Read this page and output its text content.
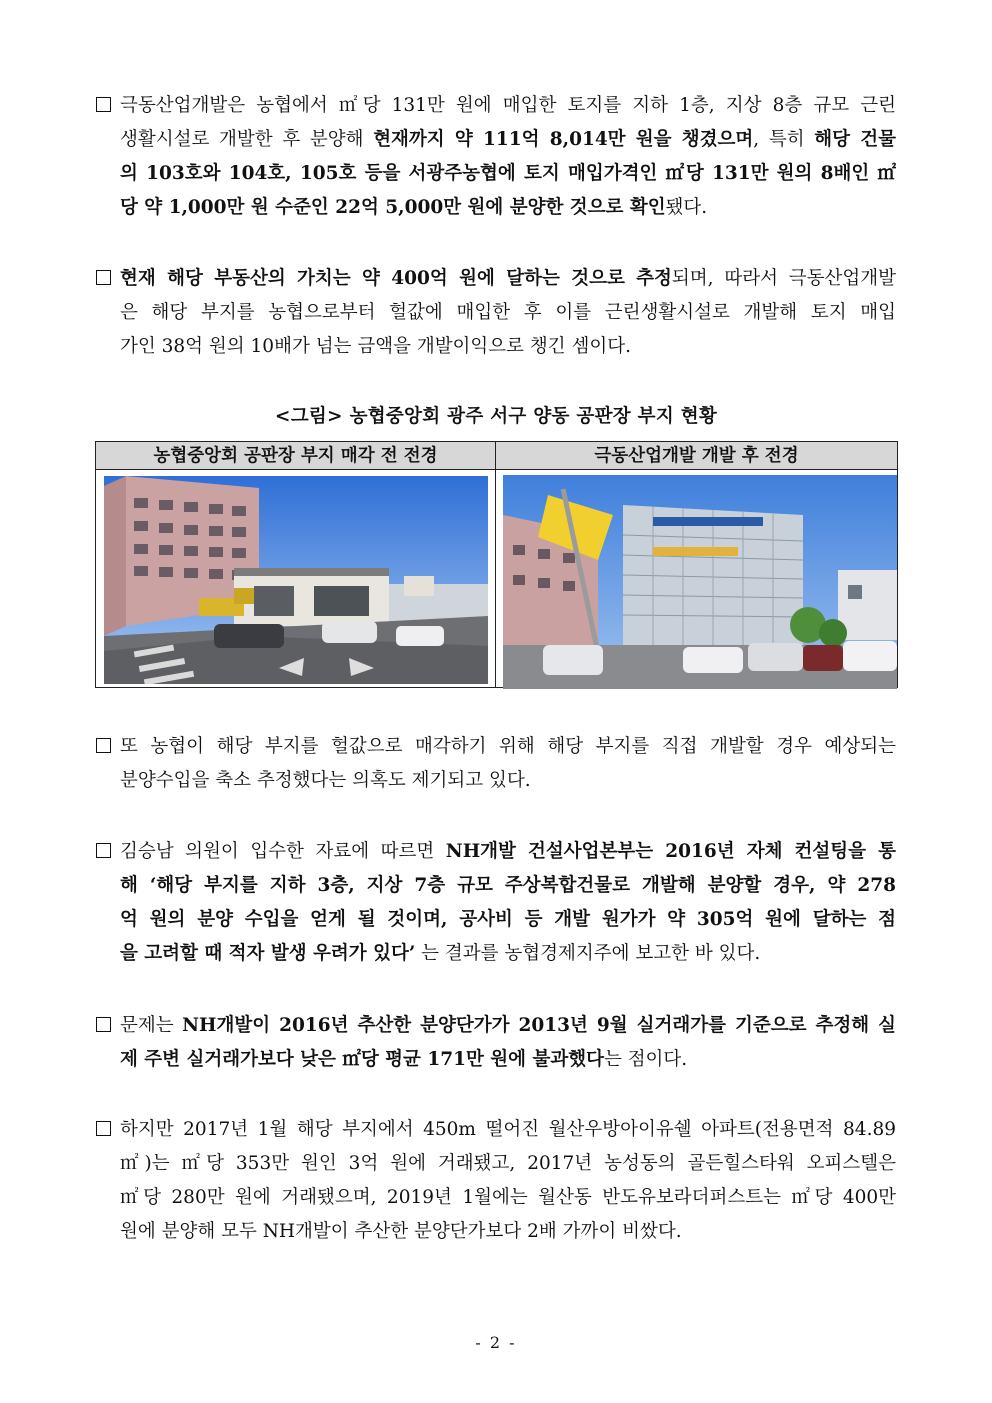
극동산업개발은 농협에서 ㎡당 131만 원에 매입한 토지를 지하 1층, 지상 8층 규모 근린
생활시설로 개발한 후 분양해 현재까지 약 111억 8,014만 원을 챙겼으며, 특히 해당 건물
의 103호와 104호, 105호 등을 서광주농협에 토지 매입가격인 ㎡당 131만 원의 8배인 ㎡
당 약 1,000만 원 수준인 22억 5,000만 원에 분양한 것으로 확인됐다.
현재 해당 부동산의 가치는 약 400억 원에 달하는 것으로 추정되며, 따라서 극동산업개발
은 해당 부지를 농협으로부터 헐값에 매입한 후 이를 근린생활시설로 개발해 토지 매입
가인 38억 원의 10배가 넘는 금액을 개발이익으로 챙긴 셈이다.
<그림> 농협중앙회 광주 서구 양동 공판장 부지 현황
농협중앙회 공판장 부지 매각 전 전경	극동산업개발 개발 후 전경
또 농협이 해당 부지를 헐값으로 매각하기 위해 해당 부지를 직접 개발할 경우 예상되는
분양수입을 축소 추정했다는 의혹도 제기되고 있다.
김승남 의원이 입수한 자료에 따르면 NH개발 건설사업본부는 2016년 자체 컨설팅을 통
해 ‘해당 부지를 지하 3층, 지상 7층 규모 주상복합건물로 개발해 분양할 경우, 약 278
억 원의 분양 수입을 얻게 될 것이며, 공사비 등 개발 원가가 약 305억 원에 달하는 점
을 고려할 때 적자 발생 우려가 있다’ 는 결과를 농협경제지주에 보고한 바 있다.
문제는 NH개발이 2016년 추산한 분양단가가 2013년 9월 실거래가를 기준으로 추정해 실
제 주변 실거래가보다 낮은 ㎡당 평균 171만 원에 불과했다는 점이다.
하지만 2017년 1월 해당 부지에서 450m 떨어진 월산우방아이유쉘 아파트(전용면적 84.89
㎡)는 ㎡당 353만 원인 3억 원에 거래됐고, 2017년 농성동의 골든힐스타워 오피스텔은
㎡당 280만 원에 거래됐으며, 2019년 1월에는 월산동 반도유보라더퍼스트는 ㎡당 400만
원에 분양해 모두 NH개발이 추산한 분양단가보다 2배 가까이 비쌌다.
- 2 -
